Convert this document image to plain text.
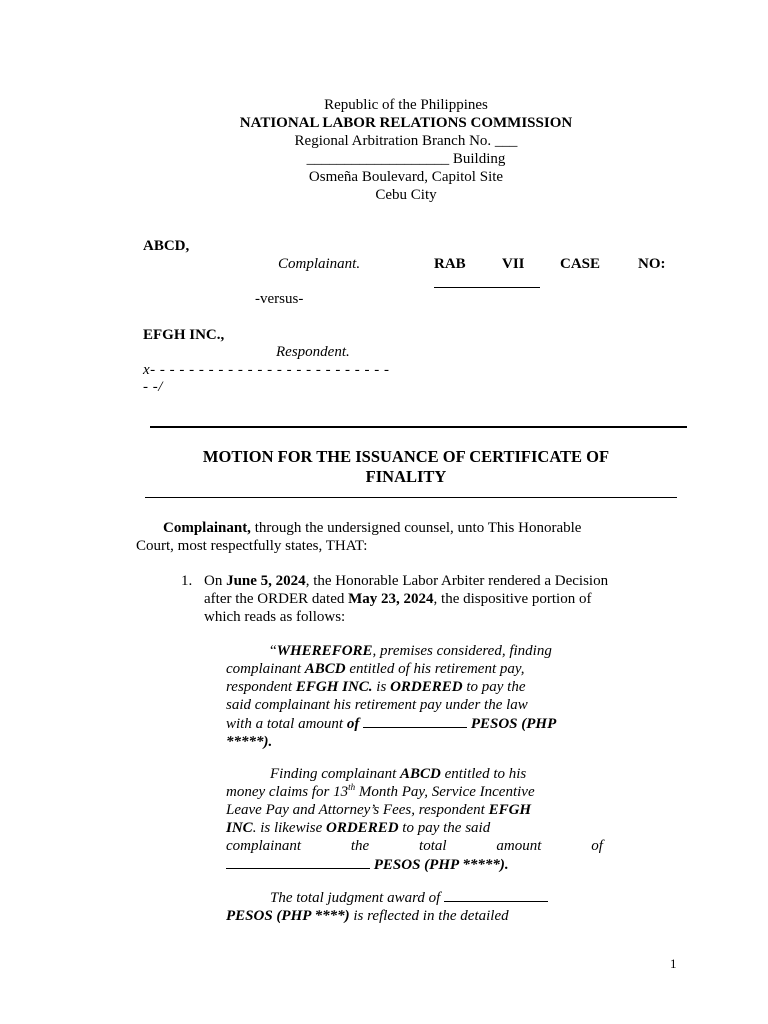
Republic of the Philippines
NATIONAL LABOR RELATIONS COMMISSION
Regional Arbitration Branch No. ___
___________________ Building
Osmeña Boulevard, Capitol Site
Cebu City
ABCD,
Complainant.	RAB VII CASE	NO:
-versus-
EFGH INC.,
Respondent.
x- - - - - - - - - - - - - - - - - - - - - - - - -
- -/
MOTION FOR THE ISSUANCE OF CERTIFICATE OF
FINALITY
Complainant, through the undersigned counsel, unto This Honorable
Court, most respectfully states, THAT:
1. On June 5, 2024, the Honorable Labor Arbiter rendered a Decision
after the ORDER dated May 23, 2024, the dispositive portion of
which reads as follows:
“WHEREFORE, premises considered, finding
complainant ABCD entitled of his retirement pay,
respondent EFGH INC. is ORDERED to pay the
said complainant his retirement pay under the law
with a total amount of	PESOS (PHP
*****).
Finding complainant ABCD entitled to his
money claims for 13th Month Pay, Service Incentive
Leave Pay and Attorney’s Fees, respondent EFGH
INC. is likewise ORDERED to pay the said
complainant	the	total	amount	of
PESOS (PHP *****).
The total judgment award of
PESOS (PHP ****) is reflected in the detailed
1
